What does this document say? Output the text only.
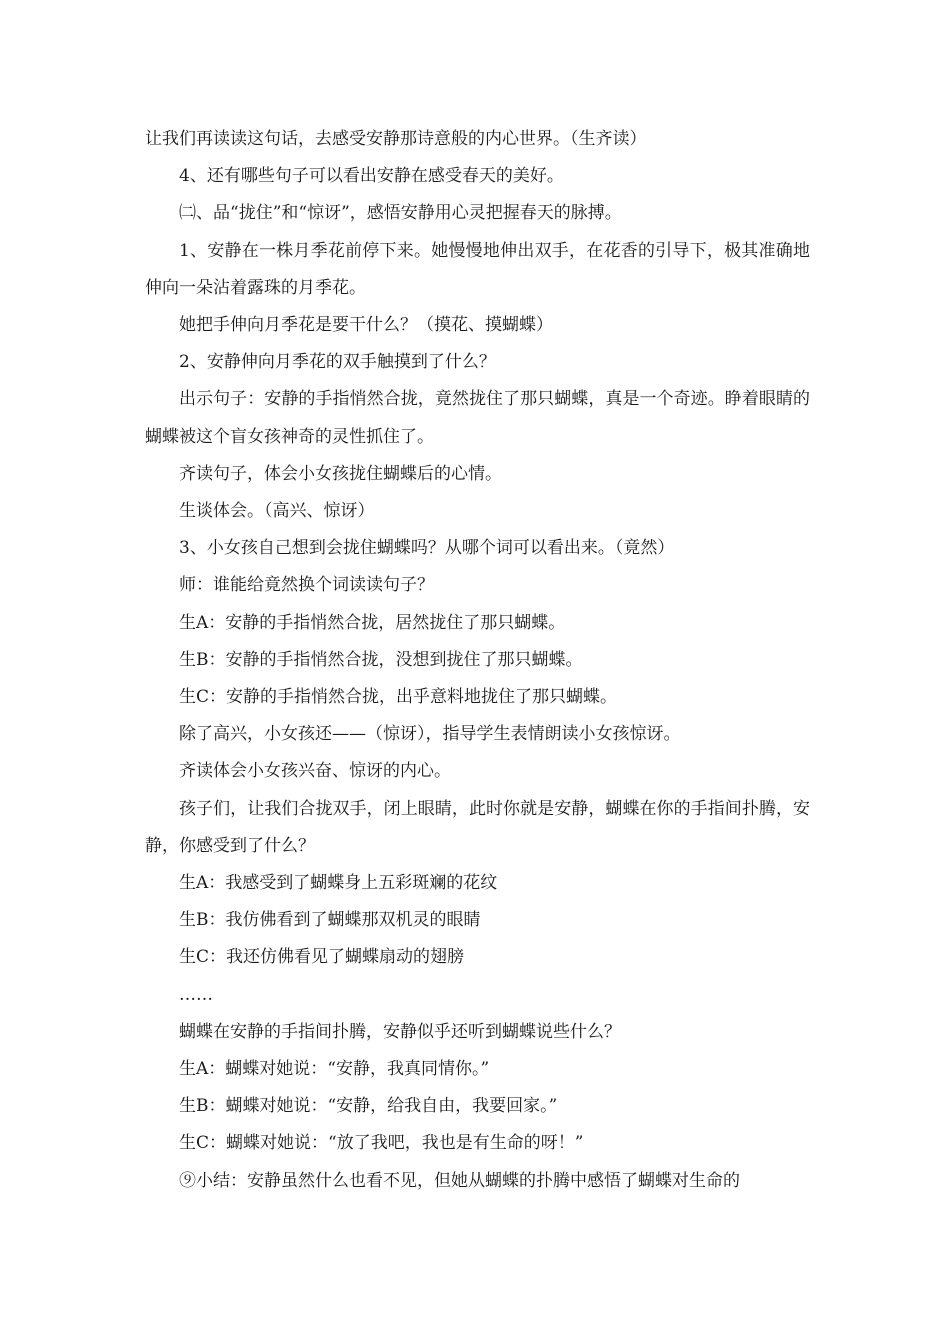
让我们再读读这句话，去感受安静那诗意般的内心世界。（生齐读）

4、还有哪些句子可以看出安静在感受春天的美好。

㈡、品“拢住”和“惊讶”，感悟安静用心灵把握春天的脉搏。

1、安静在一株月季花前停下来。她慢慢地伸出双手，在花香的引导下，极其准确地伸向一朵沾着露珠的月季花。

她把手伸向月季花是要干什么？（摸花、摸蝴蝶）

2、安静伸向月季花的双手触摸到了什么？

出示句子：安静的手指悄然合拢，竟然拢住了那只蝴蝶，真是一个奇迹。睁着眼睛的蝴蝶被这个盲女孩神奇的灵性抓住了。

齐读句子，体会小女孩拢住蝴蝶后的心情。

生谈体会。（高兴、惊讶）

3、小女孩自己想到会拢住蝴蝶吗？从哪个词可以看出来。（竟然）

师：谁能给竟然换个词读读句子？

生A：安静的手指悄然合拢，居然拢住了那只蝴蝶。

生B：安静的手指悄然合拢，没想到拢住了那只蝴蝶。

生C：安静的手指悄然合拢，出乎意料地拢住了那只蝴蝶。

除了高兴，小女孩还——（惊讶），指导学生表情朗读小女孩惊讶。

齐读体会小女孩兴奋、惊讶的内心。

孩子们，让我们合拢双手，闭上眼睛，此时你就是安静，蝴蝶在你的手指间扑腾，安静，你感受到了什么？

生A：我感受到了蝴蝶身上五彩斑斓的花纹

生B：我仿佛看到了蝴蝶那双机灵的眼睛

生C：我还仿佛看见了蝴蝶扇动的翅膀

……

蝴蝶在安静的手指间扑腾，安静似乎还听到蝴蝶说些什么？

生A：蝴蝶对她说：“安静，我真同情你。”

生B：蝴蝶对她说：“安静，给我自由，我要回家。”

生C：蝴蝶对她说：“放了我吧，我也是有生命的呀！”

⑨小结：安静虽然什么也看不见，但她从蝴蝶的扑腾中感悟了蝴蝶对生命的
